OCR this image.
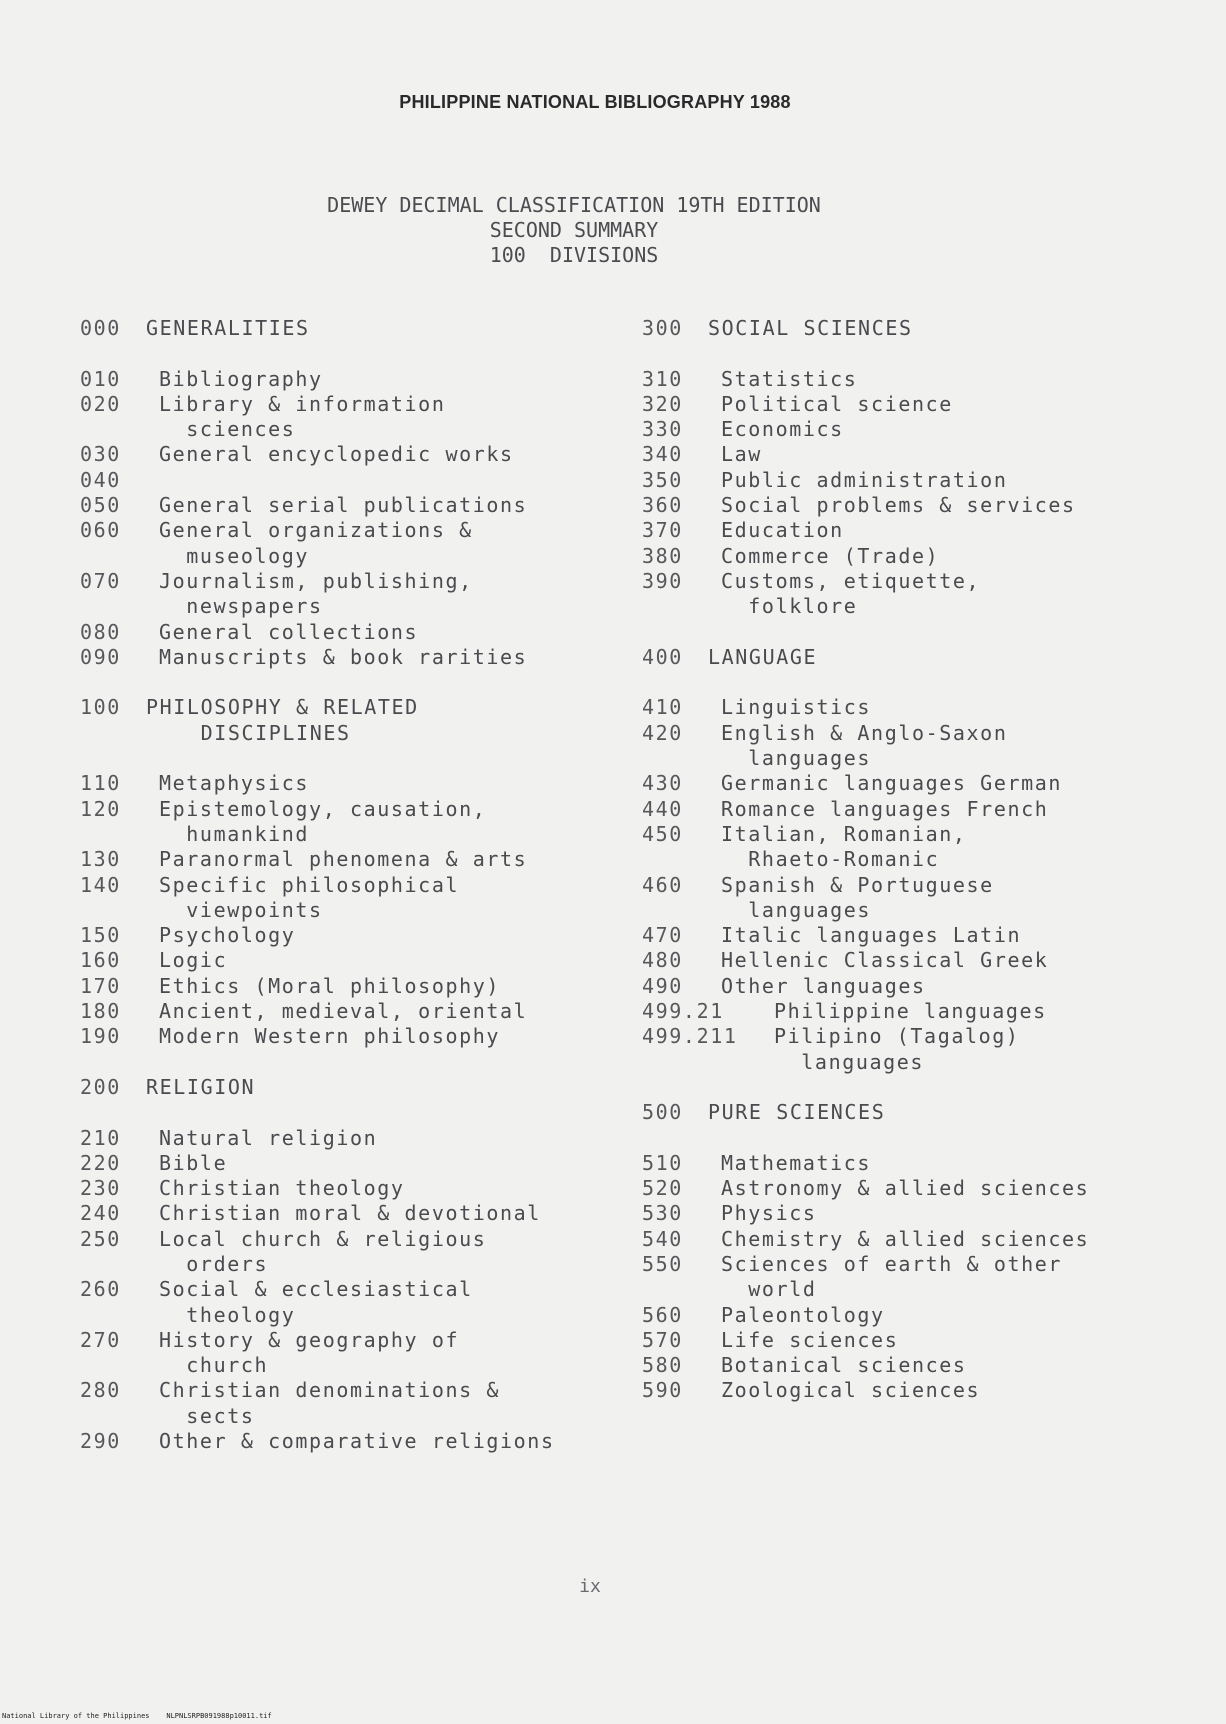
PHILIPPINE NATIONAL BIBLIOGRAPHY 1988
DEWEY DECIMAL CLASSIFICATION 19TH EDITION
SECOND SUMMARY
100  DIVISIONS
000	GENERALITIES
010	Bibliography
020	Library & information
sciences
030	General encyclopedic works
040
050	General serial publications
060	General organizations &
museology
070	Journalism, publishing,
newspapers
080	General collections
090	Manuscripts & book rarities
100	PHILOSOPHY & RELATED
DISCIPLINES
110	Metaphysics
120	Epistemology, causation,
humankind
130	Paranormal phenomena & arts
140	Specific philosophical
viewpoints
150	Psychology
160	Logic
170	Ethics (Moral philosophy)
180	Ancient, medieval, oriental
190	Modern Western philosophy
200	RELIGION
210	Natural religion
220	Bible
230	Christian theology
240	Christian moral & devotional
250	Local church & religious
orders
260	Social & ecclesiastical
theology
270	History & geography of
church
280	Christian denominations &
sects
290	Other & comparative religions
300	SOCIAL SCIENCES
310	Statistics
320	Political science
330	Economics
340	Law
350	Public administration
360	Social problems & services
370	Education
380	Commerce (Trade)
390	Customs, etiquette,
folklore
400	LANGUAGE
410	Linguistics
420	English & Anglo-Saxon
languages
430	Germanic languages German
440	Romance languages French
450	Italian, Romanian,
Rhaeto-Romanic
460	Spanish & Portuguese
languages
470	Italic languages Latin
480	Hellenic Classical Greek
490	Other languages
499.21	Philippine languages
499.211	Pilipino (Tagalog)
languages
500	PURE SCIENCES
510	Mathematics
520	Astronomy & allied sciences
530	Physics
540	Chemistry & allied sciences
550	Sciences of earth & other
world
560	Paleontology
570	Life sciences
580	Botanical sciences
590	Zoological sciences
ix
National Library of the Philippines    NLPNLSRPB091988p10011.tif
